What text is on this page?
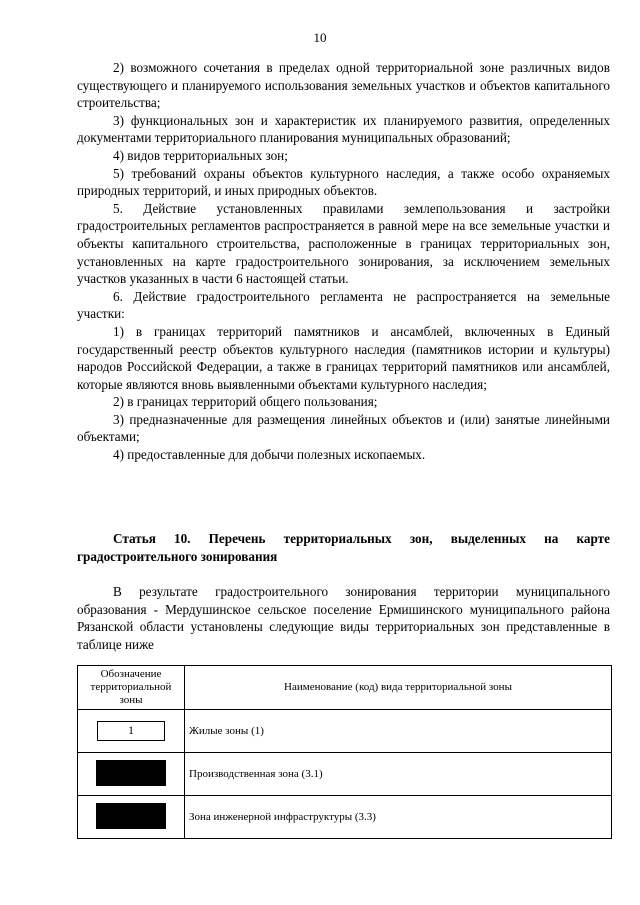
10

2) возможного сочетания в пределах одной территориальной зоне различных видов существующего и планируемого использования земельных участков и объектов капитального строительства;

3) функциональных зон и характеристик их планируемого развития, определенных документами территориального планирования муниципальных образований;

4) видов территориальных зон;

5) требований охраны объектов культурного наследия, а также особо охраняемых природных территорий, и иных природных объектов.

5. Действие установленных правилами землепользования и застройки градостроительных регламентов распространяется в равной мере на все земельные участки и объекты капитального строительства, расположенные в границах территориальных зон, установленных на карте градостроительного зонирования, за исключением земельных участков указанных в части 6 настоящей статьи.

6. Действие градостроительного регламента не распространяется на земельные участки:

1) в границах территорий памятников и ансамблей, включенных в Единый государственный реестр объектов культурного наследия (памятников истории и культуры) народов Российской Федерации, а также в границах территорий памятников или ансамблей, которые являются вновь выявленными объектами культурного наследия;

2) в границах территорий общего пользования;

3) предназначенные для размещения линейных объектов и (или) занятые линейными объектами;

4) предоставленные для добычи полезных ископаемых.

Статья 10. Перечень территориальных зон, выделенных на карте градостроительного зонирования
В результате градостроительного зонирования территории муниципального образования - Мердушинское сельское поселение Ермишинского муниципального района Рязанской области установлены следующие виды территориальных зон представленные в таблице ниже
Обозначение территориальной зоны	Наименование (код) вида территориальной зоны
1	Жилые зоны (1)
	Производственная зона (3.1)
	Зона инженерной инфраструктуры (3.3)
